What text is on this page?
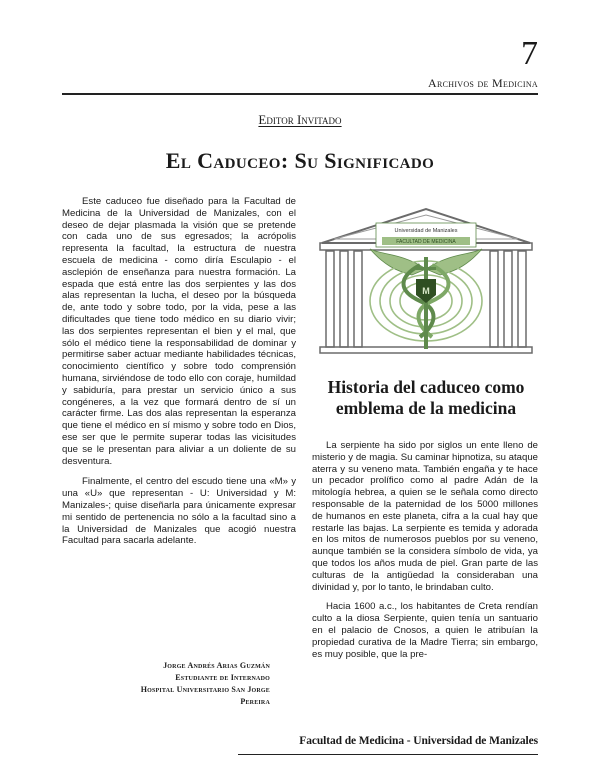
7
Archivos de Medicina
Editor Invitado
El Caduceo: Su Significado

Este caduceo fue diseñado para la Facultad de Medicina de la Universidad de Manizales, con el deseo de dejar plasmada la visión que se pretende con cada uno de sus egresados; la acrópolis representa la facultad, la estructura de nuestra escuela de medicina - como diría Esculapio - el asclepión de enseñanza para nuestra formación. La espada que está entre las dos serpientes y las dos alas representan la lucha, el deseo por la búsqueda de, ante todo y sobre todo, por la vida, pese a las dificultades que tiene todo médico en su diario vivir; las dos serpientes representan el bien y el mal, que sólo el médico tiene la responsabilidad de dominar y permitirse saber actuar mediante habilidades técnicas, conocimiento científico y sobre todo comprensión humana, sirviéndose de todo ello con coraje, humildad y sabiduría, para prestar un servicio único a sus congéneres, a la vez que formará dentro de sí un carácter firme. Las dos alas representan la esperanza que tiene el médico en sí mismo y sobre todo en Dios, ese ser que le permite superar todas las vicisitudes que se le presentan para aliviar a un doliente de su desventura.

Finalmente, el centro del escudo tiene una «M» y una «U» que representan - U: Universidad y M: Manizales-; quise diseñarla para únicamente expresar mi sentido de pertenencia no sólo a la facultad sino a la Universidad de Manizales que acogió nuestra Facultad para sacarla adelante.

Jorge Andrés Arias Guzmán
Estudiante de Internado
Hospital Universitario San Jorge
Pereira
Universidad de Manizales
FACULTAD DE MEDICINA
M
Historia del caduceo como emblema de la medicina

La serpiente ha sido por siglos un ente lleno de misterio y de magia. Su caminar hipnotiza, su ataque aterra y su veneno mata. También engaña y te hace un pecador prolífico como al padre Adán de la mitología hebrea, a quien se le señala como directo responsable de la paternidad de los 5000 millones de humanos en este planeta, cifra a la cual hay que restarle las bajas. La serpiente es temida y adorada en los mitos de numerosos pueblos por su veneno, aunque también se la considera símbolo de vida, ya que todos los años muda de piel. Gran parte de las culturas de la antigüedad la consideraban una divinidad y, por lo tanto, le brindaban culto.

Hacia 1600 a.c., los habitantes de Creta rendían culto a la diosa Serpiente, quien tenía un santuario en el palacio de Cnosos, a quien le atribuían la propiedad curativa de la Madre Tierra; sin embargo, es muy posible, que la pre-

Facultad de Medicina - Universidad de Manizales
